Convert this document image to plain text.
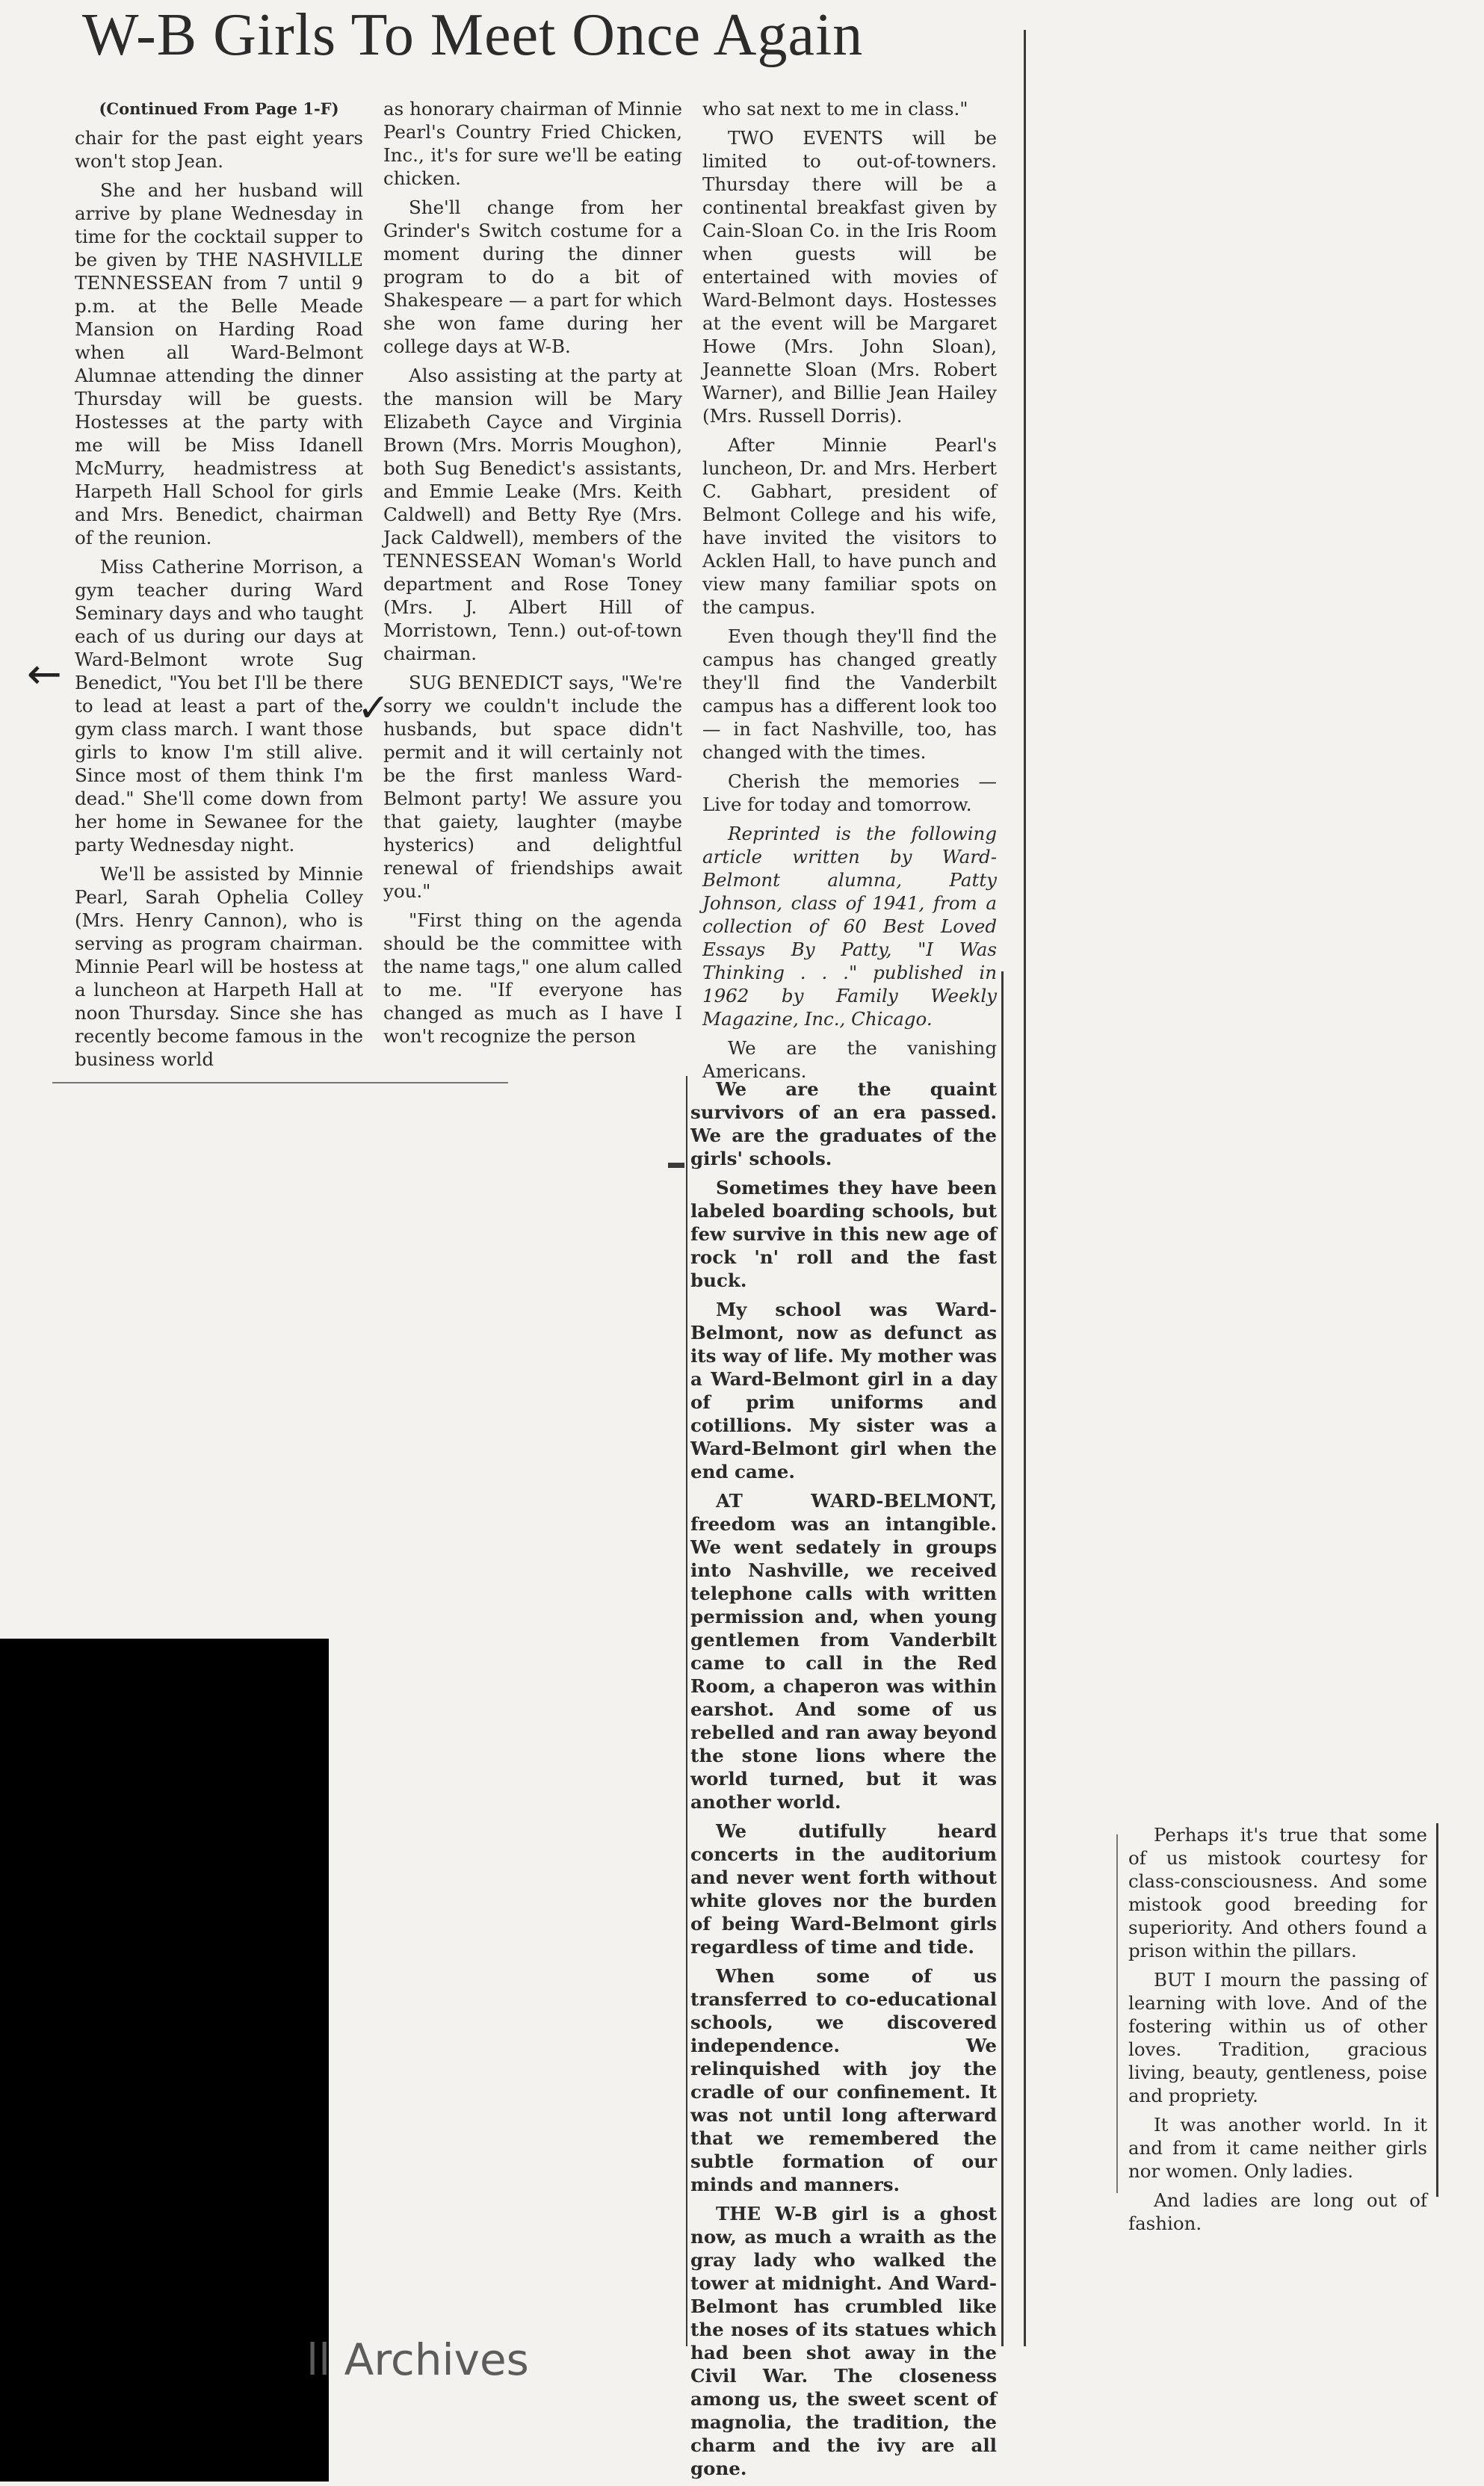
W-B Girls To Meet Once Again

(Continued From Page 1-F)

chair for the past eight years won't stop Jean.

She and her husband will arrive by plane Wednesday in time for the cocktail supper to be given by THE NASHVILLE TENNESSEAN from 7 until 9 p.m. at the Belle Meade Mansion on Harding Road when all Ward-Belmont Alumnae attending the dinner Thursday will be guests. Hostesses at the party with me will be Miss Idanell McMurry, headmistress at Harpeth Hall School for girls and Mrs. Benedict, chairman of the reunion.

Miss Catherine Morrison, a gym teacher during Ward Seminary days and who taught each of us during our days at Ward-Belmont wrote Sug Benedict, "You bet I'll be there to lead at least a part of the gym class march. I want those girls to know I'm still alive. Since most of them think I'm dead." She'll come down from her home in Sewanee for the party Wednesday night.

We'll be assisted by Minnie Pearl, Sarah Ophelia Colley (Mrs. Henry Cannon), who is serving as program chairman. Minnie Pearl will be hostess at a luncheon at Harpeth Hall at noon Thursday. Since she has recently become famous in the business world

as honorary chairman of Minnie Pearl's Country Fried Chicken, Inc., it's for sure we'll be eating chicken.

She'll change from her Grinder's Switch costume for a moment during the dinner program to do a bit of Shakespeare — a part for which she won fame during her college days at W-B.

Also assisting at the party at the mansion will be Mary Elizabeth Cayce and Virginia Brown (Mrs. Morris Moughon), both Sug Benedict's assistants, and Emmie Leake (Mrs. Keith Caldwell) and Betty Rye (Mrs. Jack Caldwell), members of the TENNESSEAN Woman's World department and Rose Toney (Mrs. J. Albert Hill of Morristown, Tenn.) out-of-town chairman.

SUG BENEDICT says, "We're sorry we couldn't include the husbands, but space didn't permit and it will certainly not be the first manless Ward-Belmont party! We assure you that gaiety, laughter (maybe hysterics) and delightful renewal of friendships await you."

"First thing on the agenda should be the committee with the name tags," one alum called to me. "If everyone has changed as much as I have I won't recognize the person

who sat next to me in class."

TWO EVENTS will be limited to out-of-towners. Thursday there will be a continental breakfast given by Cain-Sloan Co. in the Iris Room when guests will be entertained with movies of Ward-Belmont days. Hostesses at the event will be Margaret Howe (Mrs. John Sloan), Jeannette Sloan (Mrs. Robert Warner), and Billie Jean Hailey (Mrs. Russell Dorris).

After Minnie Pearl's luncheon, Dr. and Mrs. Herbert C. Gabhart, president of Belmont College and his wife, have invited the visitors to Acklen Hall, to have punch and view many familiar spots on the campus.

Even though they'll find the campus has changed greatly they'll find the Vanderbilt campus has a different look too — in fact Nashville, too, has changed with the times.

Cherish the memories — Live for today and tomorrow.

Reprinted is the following article written by Ward-Belmont alumna, Patty Johnson, class of 1941, from a collection of 60 Best Loved Essays By Patty, "I Was Thinking . . ." published in 1962 by Family Weekly Magazine, Inc., Chicago.

We are the vanishing Americans.

We are the quaint survivors of an era passed. We are the graduates of the girls' schools.

Sometimes they have been labeled boarding schools, but few survive in this new age of rock 'n' roll and the fast buck.

My school was Ward-Belmont, now as defunct as its way of life. My mother was a Ward-Belmont girl in a day of prim uniforms and cotillions. My sister was a Ward-Belmont girl when the end came.

AT WARD-BELMONT, freedom was an intangible. We went sedately in groups into Nashville, we received telephone calls with written permission and, when young gentlemen from Vanderbilt came to call in the Red Room, a chaperon was within earshot. And some of us rebelled and ran away beyond the stone lions where the world turned, but it was another world.

We dutifully heard concerts in the auditorium and never went forth without white gloves nor the burden of being Ward-Belmont girls regardless of time and tide.

When some of us transferred to co-educational schools, we discovered independence. We relinquished with joy the cradle of our confinement. It was not until long afterward that we remembered the subtle formation of our minds and manners.

THE W-B girl is a ghost now, as much a wraith as the gray lady who walked the tower at midnight. And Ward-Belmont has crumbled like the noses of its statues which had been shot away in the Civil War. The closeness among us, the sweet scent of magnolia, the tradition, the charm and the ivy are all gone.

Perhaps it's true that some of us mistook courtesy for class-consciousness. And some mistook good breeding for superiority. And others found a prison within the pillars.

BUT I mourn the passing of learning with love. And of the fostering within us of other loves. Tradition, gracious living, beauty, gentleness, poise and propriety.

It was another world. In it and from it came neither girls nor women. Only ladies.

And ladies are long out of fashion.

←
✓
ll Archives
